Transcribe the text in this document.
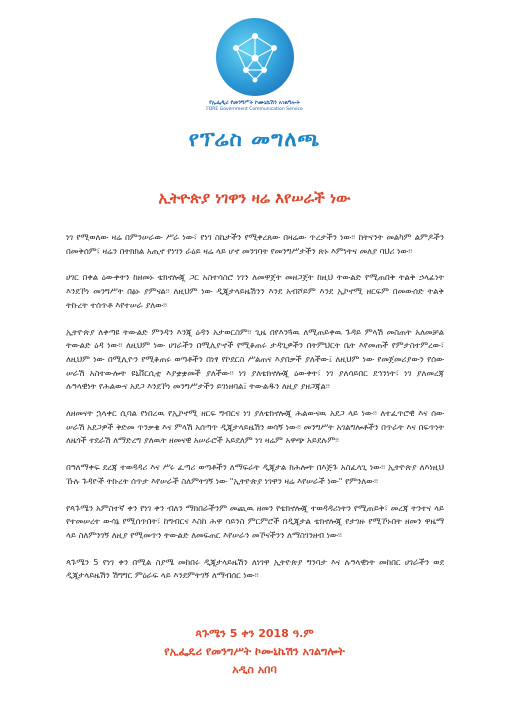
የኢፌዲሪ የመንግሥት ኮሙኒኬሽን አገልግሎት
FDRE Government Communication Service
የፕሬስ መግለጫ
ኢትዮጵያ ነገዋን ዛሬ እየሠራች ነው

ነገ የሚወለው ዛሬ በምንሠራው ሥራ ነው፣ የነገ ስኬታችን የሚቀረጸው በዛሬው ጥረታችን ነው፡፡ ከትናንት መልካም ልምዶችን በመቅሰም፣ ዛሬን በትክክል አጢኖ የነገን ራዕይ ዛሬ ላይ ሆኖ መንገባት የመንግሥታችን ጽኑ እምነትና መለያ ባህሪ ነው፡፡

ሀገር በቀል ዕውቀትን ከዘመኑ ቴክኖሎጂ ጋር አስተሳስሮ ነገን ለመዋጀት መዘጋጀት ከዚህ ትውልድ የሚጠበቅ ትልቅ ኃላፊነት እንደኾነ መንግሥት በፅኑ ያምናል፡፡ ለዚህም ነው ዲጂታላይዜሽንን እንደ አብሾይም እንደ ኢኮኖሚ ዘርፍም በመውሰድ ትልቅ ትኩረት ተሰጥቶ እየተሠራ ያለው፡፡

ኢትዮጵያ ለቀጣዩ ትውልድ ምንዳን እንጂ ዕዳን አታወርስም፡፡ ጊዜ በየእንጓዉ ለሚጠይቀዉ ጉዳይ ምላሽ መስጠት አለመቻል ትውልድ ዕዳ ነው፡፡ ለዚህም ነው ሀገራችን በሚሊዮኖች የሚቆጠሩ ታዳጊዎችን በትምህርት ቤት እየመጠች የምታስተምረው፣ ለዚህም ነው በሚሊዮን የሚቆጠሩ ወጣቶችን በነፃ የኮደርስ ሥልጠና እያበቃች ያለችው፤ ለዚህም ነው የመጀመሪያውን የሰው ሠራሽ አስተውሎት ዩኒቨርሲቲ እያቋቋመች ያለችው፡፡ ነገ ያለቴክኖሎጂ ዕውቀት፣ ነገ ያለሳይበር ደኅንነት፣ ነገ ያለመረጃ ሉዓላዊነት የሕልውና አደጋ እንደኾነ መንግሥታችን ይገነዘባል፤ ትውልዱን ለዚያ ያዘጋጃል፡፡

ለዘመናት ኋላቀር ሲባል የነበረዉ የኢኮኖሚ ዘርፍ ግብርና ነገ ያለቴክኖሎጂ ሕልውናዉ አደጋ ላይ ነው፡፡ ለተፈጥሮዊ እና ሰው ሠራሽ አደጋዎች ቅድመ ጥንቃቄ እና ምላሽ አሰጣጥ ዲጂታላይዜሽን ወሳኝ ነው፡፡ መንግሥት አገልግሎቶችን በጥራት እና በፍጥነት ለዜጎች ተደራሽ ለማድረግ ያለዉት ዘመናዊ አሠራሮች አይደለም ነገ ዛሬም አዋጭ አይደሉም፡፡

በዓለማቀፍ ደረጃ ተወዳዳሪ እና ሥሩ ፈጣሪ ወጣቶችን ለማፍራት ዲጂታል ክሕሎት በእጅጉ አስፈላጊ ነው፡፡ ኢትዮጵያ ለእነዚህ ኹሉ ጉዳዮች ትኩረት ሰጥታ እየሠራች ስለምትገኝ ነው "ኢትዮጵያ ነገዋን ዛሬ እየሠራች ነው" የምንለው፡፡

የጳጉሜን አምስተኛ ቀን የነገ ቀን ብለን ማክበራችንም መጪዉ ዘመን የቴክኖሎጂ ተወዳዳሪነትን የሚጠይቅ፣ መረጃ ትንተና ላይ የተመሠረተ ውሳኔ የሚሰጥበት፣ ከግብርና እስከ ሕዋ ሳይንስ ምርምሮች በዲጂታል ቴክኖሎጂ የታገዙ የሚኾኑበት ዘመን ዋዜማ ላይ ስለምንገኝ ለዚያ የሚመጥን ትውልድ ለመፍጠር እየሠራን መኾናችንን ለማስገንዘብ ነው፡፡

ጳጉሜን 5 የነገ ቀን በሚል ስያሜ መከበሩ ዲጂታላይዜሽን ለነገዋ ኢትዮጵያ ግንባታ እና ሉዓላዊነት መከበር ሀገራችን ወደ ዲጂታላይዜሽን ሽግግር ምዕራፍ ላይ እንደምትገኝ ለማብሰር ነው፡፡

ጳጉሜን 5 ቀን 2018 ዓ.ም
የኢፌዴሪ የመንግሥት ኮሙኒኬሽን አገልግሎት
አዲስ አበባ
